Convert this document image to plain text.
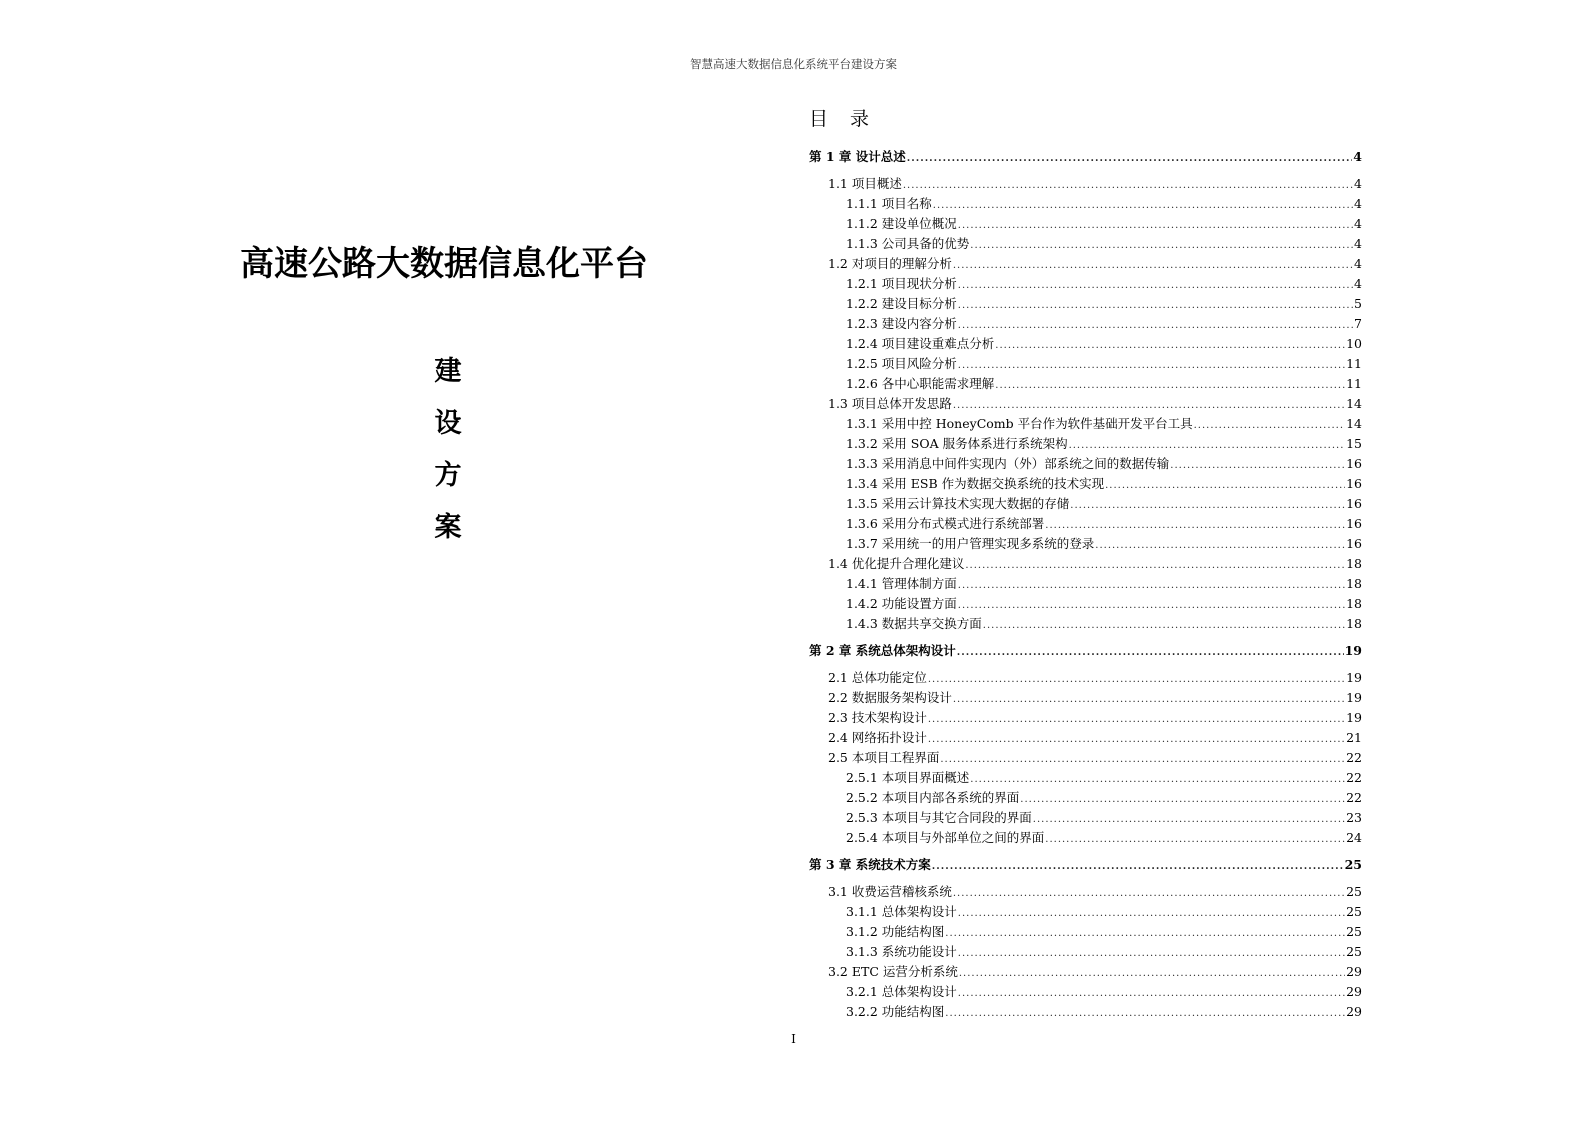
智慧高速大数据信息化系统平台建设方案
高速公路大数据信息化平台
建
设
方
案
目 录
第 1 章 设计总述 .....	4
1.1 项目概述 .....	4
1.1.1 项目名称 .....	4
1.1.2 建设单位概况 .....	4
1.1.3 公司具备的优势 .....	4
1.2 对项目的理解分析 .....	4
1.2.1 项目现状分析 .....	4
1.2.2 建设目标分析 .....	5
1.2.3 建设内容分析 .....	7
1.2.4 项目建设重难点分析 .....	10
1.2.5 项目风险分析 .....	11
1.2.6 各中心职能需求理解 .....	11
1.3 项目总体开发思路 .....	14
1.3.1 采用中控 HoneyComb 平台作为软件基础开发平台工具 .....	14
1.3.2 采用 SOA 服务体系进行系统架构 .....	15
1.3.3 采用消息中间件实现内（外）部系统之间的数据传输 .....	16
1.3.4 采用 ESB 作为数据交换系统的技术实现 .....	16
1.3.5 采用云计算技术实现大数据的存储 .....	16
1.3.6 采用分布式模式进行系统部署 .....	16
1.3.7 采用统一的用户管理实现多系统的登录 .....	16
1.4 优化提升合理化建议 .....	18
1.4.1 管理体制方面 .....	18
1.4.2 功能设置方面 .....	18
1.4.3 数据共享交换方面 .....	18
第 2 章 系统总体架构设计 .....	19
2.1 总体功能定位 .....	19
2.2 数据服务架构设计 .....	19
2.3 技术架构设计 .....	19
2.4 网络拓扑设计 .....	21
2.5 本项目工程界面 .....	22
2.5.1 本项目界面概述 .....	22
2.5.2 本项目内部各系统的界面 .....	22
2.5.3 本项目与其它合同段的界面 .....	23
2.5.4 本项目与外部单位之间的界面 .....	24
第 3 章 系统技术方案 .....	25
3.1 收费运营稽核系统 .....	25
3.1.1 总体架构设计 .....	25
3.1.2 功能结构图 .....	25
3.1.3 系统功能设计 .....	25
3.2 ETC 运营分析系统 .....	29
3.2.1 总体架构设计 .....	29
3.2.2 功能结构图 .....	29
I
